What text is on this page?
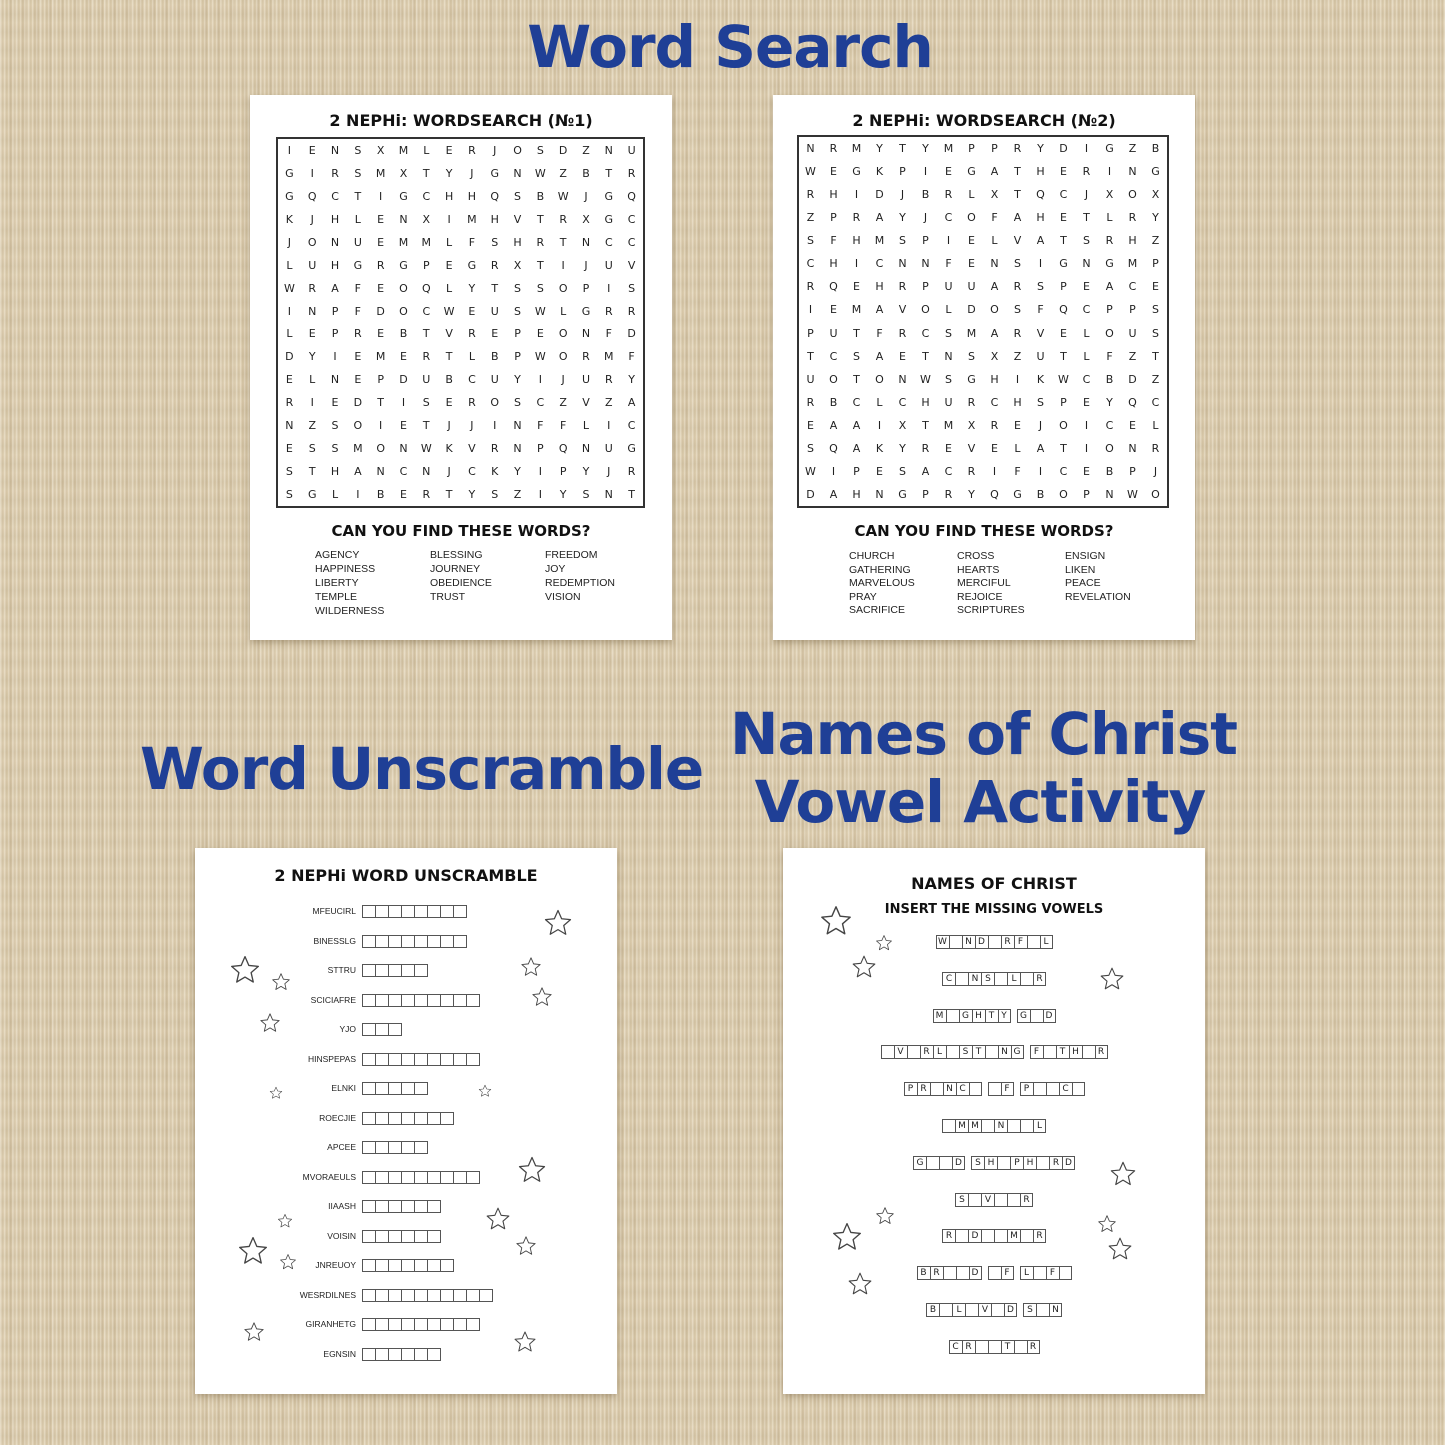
Word Search
Word Unscramble
Names of Christ
Vowel Activity
2 NEPHi: WORDSEARCH (№1)
I	E	N	S	X	M	L	E	R	J	O	S	D	Z	N	U
G	I	R	S	M	X	T	Y	J	G	N	W	Z	B	T	R
G	Q	C	T	I	G	C	H	H	Q	S	B	W	J	G	Q
K	J	H	L	E	N	X	I	M	H	V	T	R	X	G	C
J	O	N	U	E	M	M	L	F	S	H	R	T	N	C	C
L	U	H	G	R	G	P	E	G	R	X	T	I	J	U	V
W	R	A	F	E	O	Q	L	Y	T	S	S	O	P	I	S
I	N	P	F	D	O	C	W	E	U	S	W	L	G	R	R
L	E	P	R	E	B	T	V	R	E	P	E	O	N	F	D
D	Y	I	E	M	E	R	T	L	B	P	W	O	R	M	F
E	L	N	E	P	D	U	B	C	U	Y	I	J	U	R	Y
R	I	E	D	T	I	S	E	R	O	S	C	Z	V	Z	A
N	Z	S	O	I	E	T	J	J	I	N	F	F	L	I	C
E	S	S	M	O	N	W	K	V	R	N	P	Q	N	U	G
S	T	H	A	N	C	N	J	C	K	Y	I	P	Y	J	R
S	G	L	I	B	E	R	T	Y	S	Z	I	Y	S	N	T
CAN YOU FIND THESE WORDS?
AGENCY	BLESSING	FREEDOM
HAPPINESS	JOURNEY	JOY
LIBERTY	OBEDIENCE	REDEMPTION
TEMPLE	TRUST	VISION
WILDERNESS
2 NEPHi: WORDSEARCH (№2)
N	R	M	Y	T	Y	M	P	P	R	Y	D	I	G	Z	B
W	E	G	K	P	I	E	G	A	T	H	E	R	I	N	G
R	H	I	D	J	B	R	L	X	T	Q	C	J	X	O	X
Z	P	R	A	Y	J	C	O	F	A	H	E	T	L	R	Y
S	F	H	M	S	P	I	E	L	V	A	T	S	R	H	Z
C	H	I	C	N	N	F	E	N	S	I	G	N	G	M	P
R	Q	E	H	R	P	U	U	A	R	S	P	E	A	C	E
I	E	M	A	V	O	L	D	O	S	F	Q	C	P	P	S
P	U	T	F	R	C	S	M	A	R	V	E	L	O	U	S
T	C	S	A	E	T	N	S	X	Z	U	T	L	F	Z	T
U	O	T	O	N	W	S	G	H	I	K	W	C	B	D	Z
R	B	C	L	C	H	U	R	C	H	S	P	E	Y	Q	C
E	A	A	I	X	T	M	X	R	E	J	O	I	C	E	L
S	Q	A	K	Y	R	E	V	E	L	A	T	I	O	N	R
W	I	P	E	S	A	C	R	I	F	I	C	E	B	P	J
D	A	H	N	G	P	R	Y	Q	G	B	O	P	N	W	O
CAN YOU FIND THESE WORDS?
CHURCH	CROSS	ENSIGN
GATHERING	HEARTS	LIKEN
MARVELOUS	MERCIFUL	PEACE
PRAY	REJOICE	REVELATION
SACRIFICE	SCRIPTURES
2 NEPHi WORD UNSCRAMBLE
MFEUCIRL
BINESSLG
STTRU
SCICIAFRE
YJO
HINSPEPAS
ELNKI
ROECJIE
APCEE
MVORAEULS
IIAASH
VOISIN
JNREUOY
WESRDILNES
GIRANHETG
EGNSIN
NAMES OF CHRIST
INSERT THE MISSING VOWELS
W	N D	R F	L
C	N S	L	R
M	G H T Y	G	D
V	R L	S T	N G	F	T H	R
P R	N C	F	P	C
M M	N	L
G	D	S H	P H	R D
S	V	R
R	D	M	R
B R	D	F	L	F
B	L	V	D	S	N
C R	T	R
